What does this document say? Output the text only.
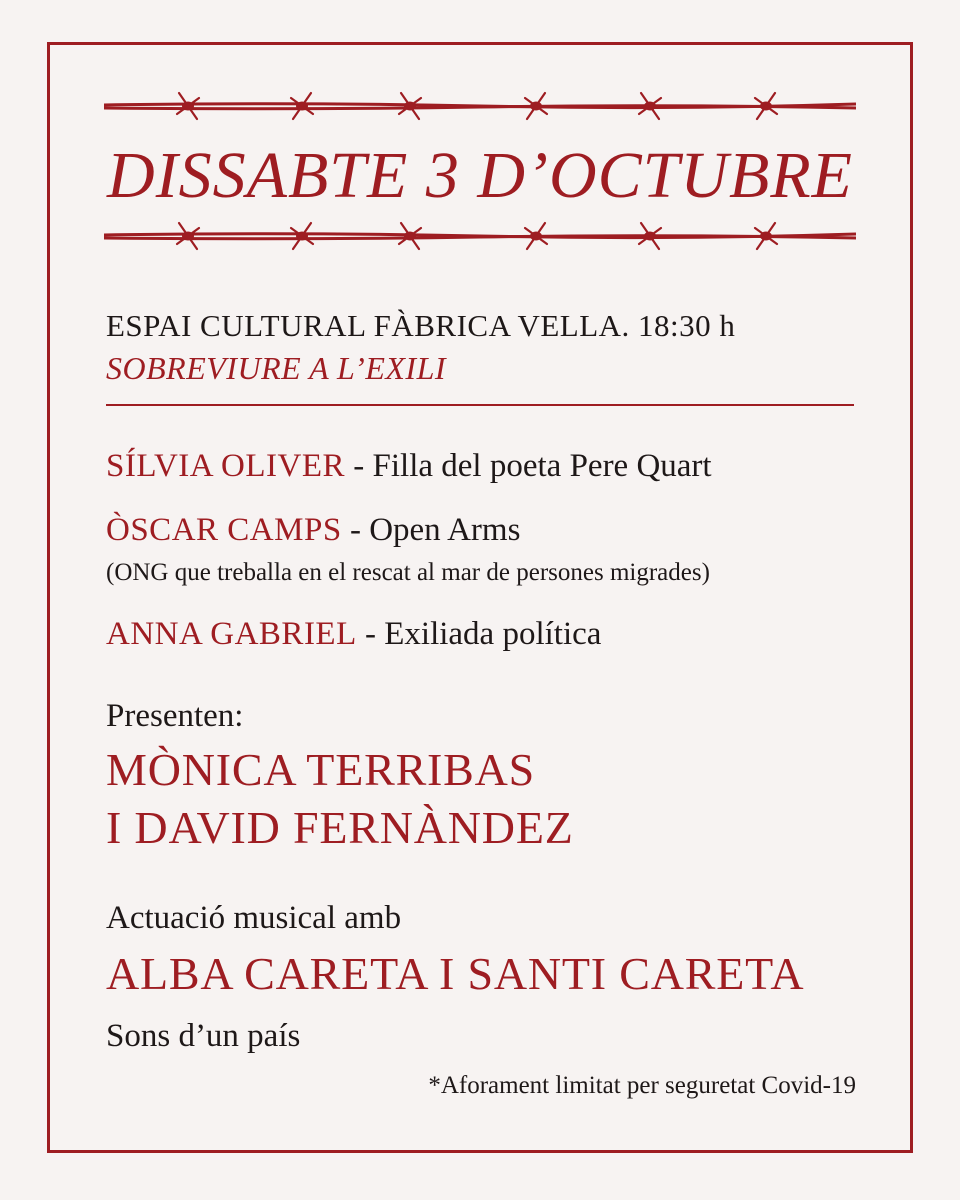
DISSABTE 3 D’OCTUBRE
ESPAI CULTURAL FÀBRICA VELLA. 18:30 h
SOBREVIURE A L’EXILI
SÍLVIA OLIVER - Filla del poeta Pere Quart
ÒSCAR CAMPS - Open Arms
(ONG que treballa en el rescat al mar de persones migrades)
ANNA GABRIEL - Exiliada política
Presenten:
MÒNICA TERRIBAS
I DAVID FERNÀNDEZ
Actuació musical amb
ALBA CARETA I SANTI CARETA
Sons d’un país
*Aforament limitat per seguretat Covid-19
